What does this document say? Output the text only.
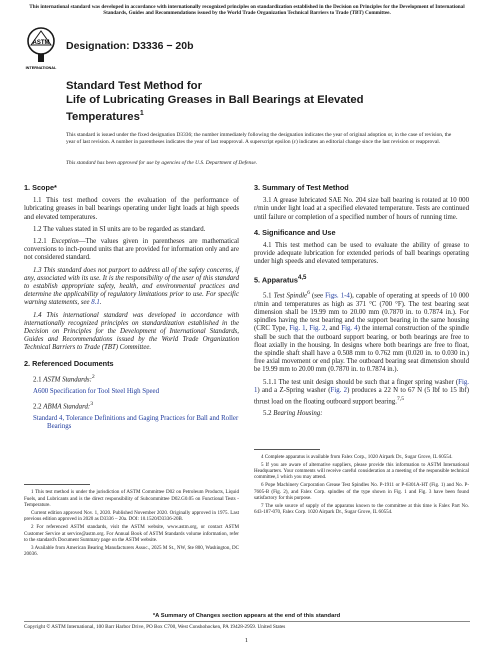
This international standard was developed in accordance with internationally recognized principles on standardization established in the Decision on Principles for the Development of International Standards, Guides and Recommendations issued by the World Trade Organization Technical Barriers to Trade (TBT) Committee.
ASTM
INTERNATIONAL
Designation: D3336 − 20b
Standard Test Method for
Life of Lubricating Greases in Ball Bearings at Elevated
Temperatures$^1$
This standard is issued under the fixed designation D3336; the number immediately following the designation indicates the year of original adoption or, in the case of revision, the year of last revision. A number in parentheses indicates the year of last reapproval. A superscript epsilon (ε) indicates an editorial change since the last revision or reapproval.
This standard has been approved for use by agencies of the U.S. Department of Defense.
1. Scope*
1.1 This test method covers the evaluation of the performance of lubricating greases in ball bearings operating under light loads at high speeds and elevated temperatures.
1.2 The values stated in SI units are to be regarded as standard.
1.2.1 Exception—The values given in parentheses are mathematical conversions to inch-pound units that are provided for information only and are not considered standard.
1.3 This standard does not purport to address all of the safety concerns, if any, associated with its use. It is the responsibility of the user of this standard to establish appropriate safety, health, and environmental practices and determine the applicability of regulatory limitations prior to use. For specific warning statements, see 8.1.
1.4 This international standard was developed in accordance with internationally recognized principles on standardization established in the Decision on Principles for the Development of International Standards, Guides and Recommendations issued by the World Trade Organization Technical Barriers to Trade (TBT) Committee.
2. Referenced Documents
2.1 ASTM Standards:$^2$
A600 Specification for Tool Steel High Speed
2.2 ABMA Standard:$^3$
Standard 4, Tolerance Definitions and Gaging Practices for Ball and Roller Bearings
1 This test method is under the jurisdiction of ASTM Committee D02 on Petroleum Products, Liquid Fuels, and Lubricants and is the direct responsibility of Subcommittee D02.G0.05 on Functional Tests - Temperature.
Current edition approved Nov. 1, 2020. Published November 2020. Originally approved in 1975. Last previous edition approved in 2020 as D3336 – 20a. DOI: 10.1520/D3336-20B.
2 For referenced ASTM standards, visit the ASTM website, www.astm.org, or contact ASTM Customer Service at service@astm.org. For Annual Book of ASTM Standards volume information, refer to the standard's Document Summary page on the ASTM website.
3 Available from American Bearing Manufacturers Assoc., 2025 M St., NW, Ste 800, Washington, DC 20036.
3. Summary of Test Method
3.1 A grease lubricated SAE No. 204 size ball bearing is rotated at 10 000 r/min under light load at a specified elevated temperature. Tests are continued until failure or completion of a specified number of hours of running time.
4. Significance and Use
4.1 This test method can be used to evaluate the ability of grease to provide adequate lubrication for extended periods of ball bearings operating under high speeds and elevated temperatures.
5. Apparatus$^{4,5}$
5.1 Test Spindle$^6$ (see Figs. 1-4), capable of operating at speeds of 10 000 r/min and temperatures as high as 371 °C (700 °F). The test bearing seat dimension shall be 19.99 mm to 20.00 mm (0.7870 in. to 0.7874 in.). For spindles having the test bearing and the support bearing in the same housing (CRC Type, Fig. 1, Fig. 2, and Fig. 4) the internal construction of the spindle shall be such that the outboard support bearing, or both bearings are free to float axially in the housing. In designs where both bearings are free to float, the spindle shaft shall have a 0.508 mm to 0.762 mm (0.020 in. to 0.030 in.) free axial movement or end play. The outboard bearing seat dimension should be 19.99 mm to 20.00 mm (0.7870 in. to 0.7874 in.).
5.1.1 The test unit design should be such that a finger spring washer (Fig. 1) and a Z-Spring washer (Fig. 2) produces a 22 N to 67 N (5 lbf to 15 lbf) thrust load on the floating outboard support bearing.$^{7,5}$
5.2 Bearing Housing:
4 Complete apparatus is available from Falex Corp., 1020 Airpark Dr., Sugar Grove, IL 60554.
5 If you are aware of alternative suppliers, please provide this information to ASTM International Headquarters. Your comments will receive careful consideration at a meeting of the responsible technical committee,1 which you may attend.
6 Pope Machinery Corporation Grease Test Spindles No. P-1911 or P-6301A-HT (Fig. 1) and No. P-7605-B (Fig. 2), and Falex Corp. spindles of the type shown in Fig. 1 and Fig. 3 have been found satisfactory for this purpose.
7 The sole source of supply of the apparatus known to the committee at this time is Falex Part No. 643-187-070, Falex Corp. 1020 Airpark Dr., Sugar Grove, IL 60554.
*A Summary of Changes section appears at the end of this standard
Copyright © ASTM International, 100 Barr Harbor Drive, PO Box C700, West Conshohocken, PA 19428-2959. United States
1
